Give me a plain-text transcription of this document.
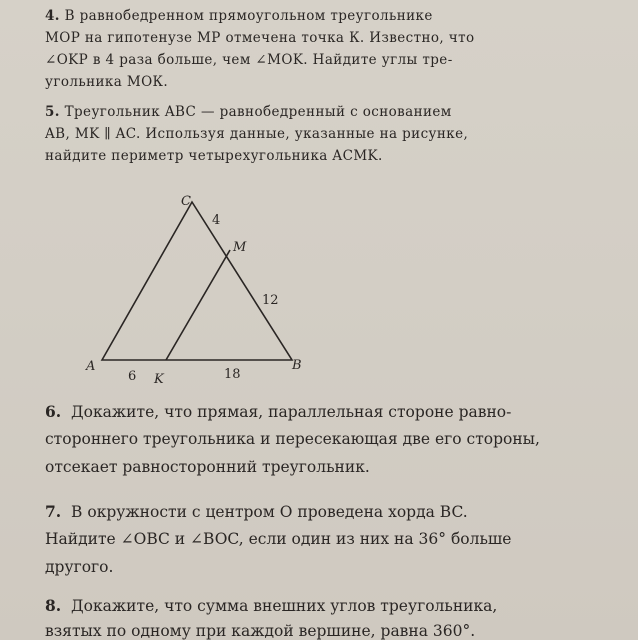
4. В равнобедренном прямоугольном треугольнике
МОР на гипотенузе МР отмечена точка К. Известно, что
∠OKP в 4 раза больше, чем ∠MOK. Найдите углы тре-
угольника МОК.
5. Треугольник ABC — равнобедренный с основанием
AB, MK ∥ AC. Используя данные, указанные на рисунке,
найдите периметр четырехугольника ACMK.
A	B
C
M
K
4
12
6	18
6. Докажите, что прямая, параллельная стороне равно-
стороннего треугольника и пересекающая две его стороны,
отсекает равносторонний треугольник.
7. В окружности с центром O проведена хорда BC.
Найдите ∠OBC и ∠BOC, если один из них на 36° больше
другого.
8. Докажите, что сумма внешних углов треугольника,
взятых по одному при каждой вершине, равна 360°.
